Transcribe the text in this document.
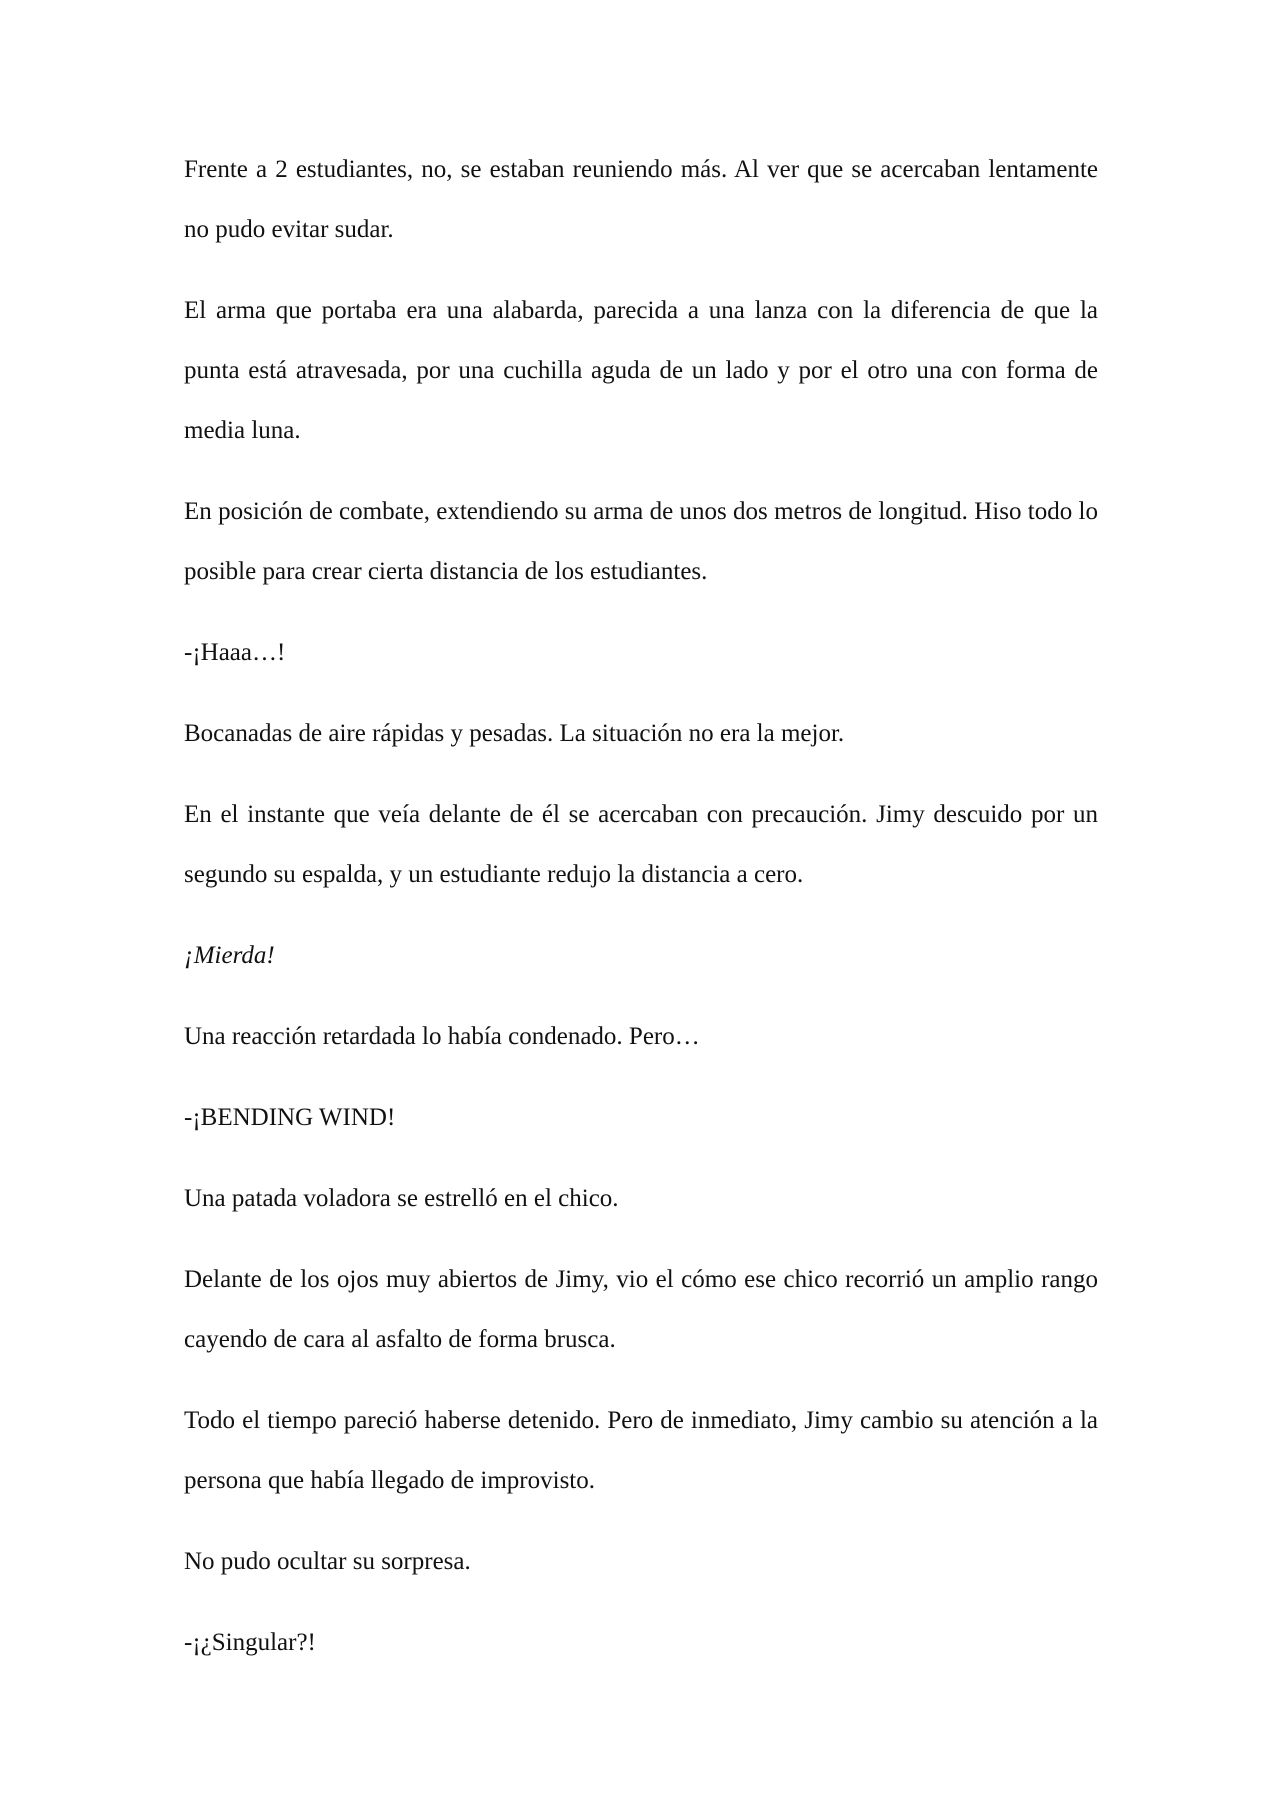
Frente a 2 estudiantes, no, se estaban reuniendo más. Al ver que se acercaban lentamente no pudo evitar sudar.

El arma que portaba era una alabarda, parecida a una lanza con la diferencia de que la punta está atravesada, por una cuchilla aguda de un lado y por el otro una con forma de media luna.

En posición de combate, extendiendo su arma de unos dos metros de longitud. Hiso todo lo posible para crear cierta distancia de los estudiantes.

-¡Haaa…!

Bocanadas de aire rápidas y pesadas. La situación no era la mejor.

En el instante que veía delante de él se acercaban con precaución. Jimy descuido por un segundo su espalda, y un estudiante redujo la distancia a cero.

¡Mierda!

Una reacción retardada lo había condenado. Pero…

-¡BENDING WIND!

Una patada voladora se estrelló en el chico.

Delante de los ojos muy abiertos de Jimy, vio el cómo ese chico recorrió un amplio rango cayendo de cara al asfalto de forma brusca.

Todo el tiempo pareció haberse detenido. Pero de inmediato, Jimy cambio su atención a la persona que había llegado de improvisto.

No pudo ocultar su sorpresa.

-¡¿Singular?!
